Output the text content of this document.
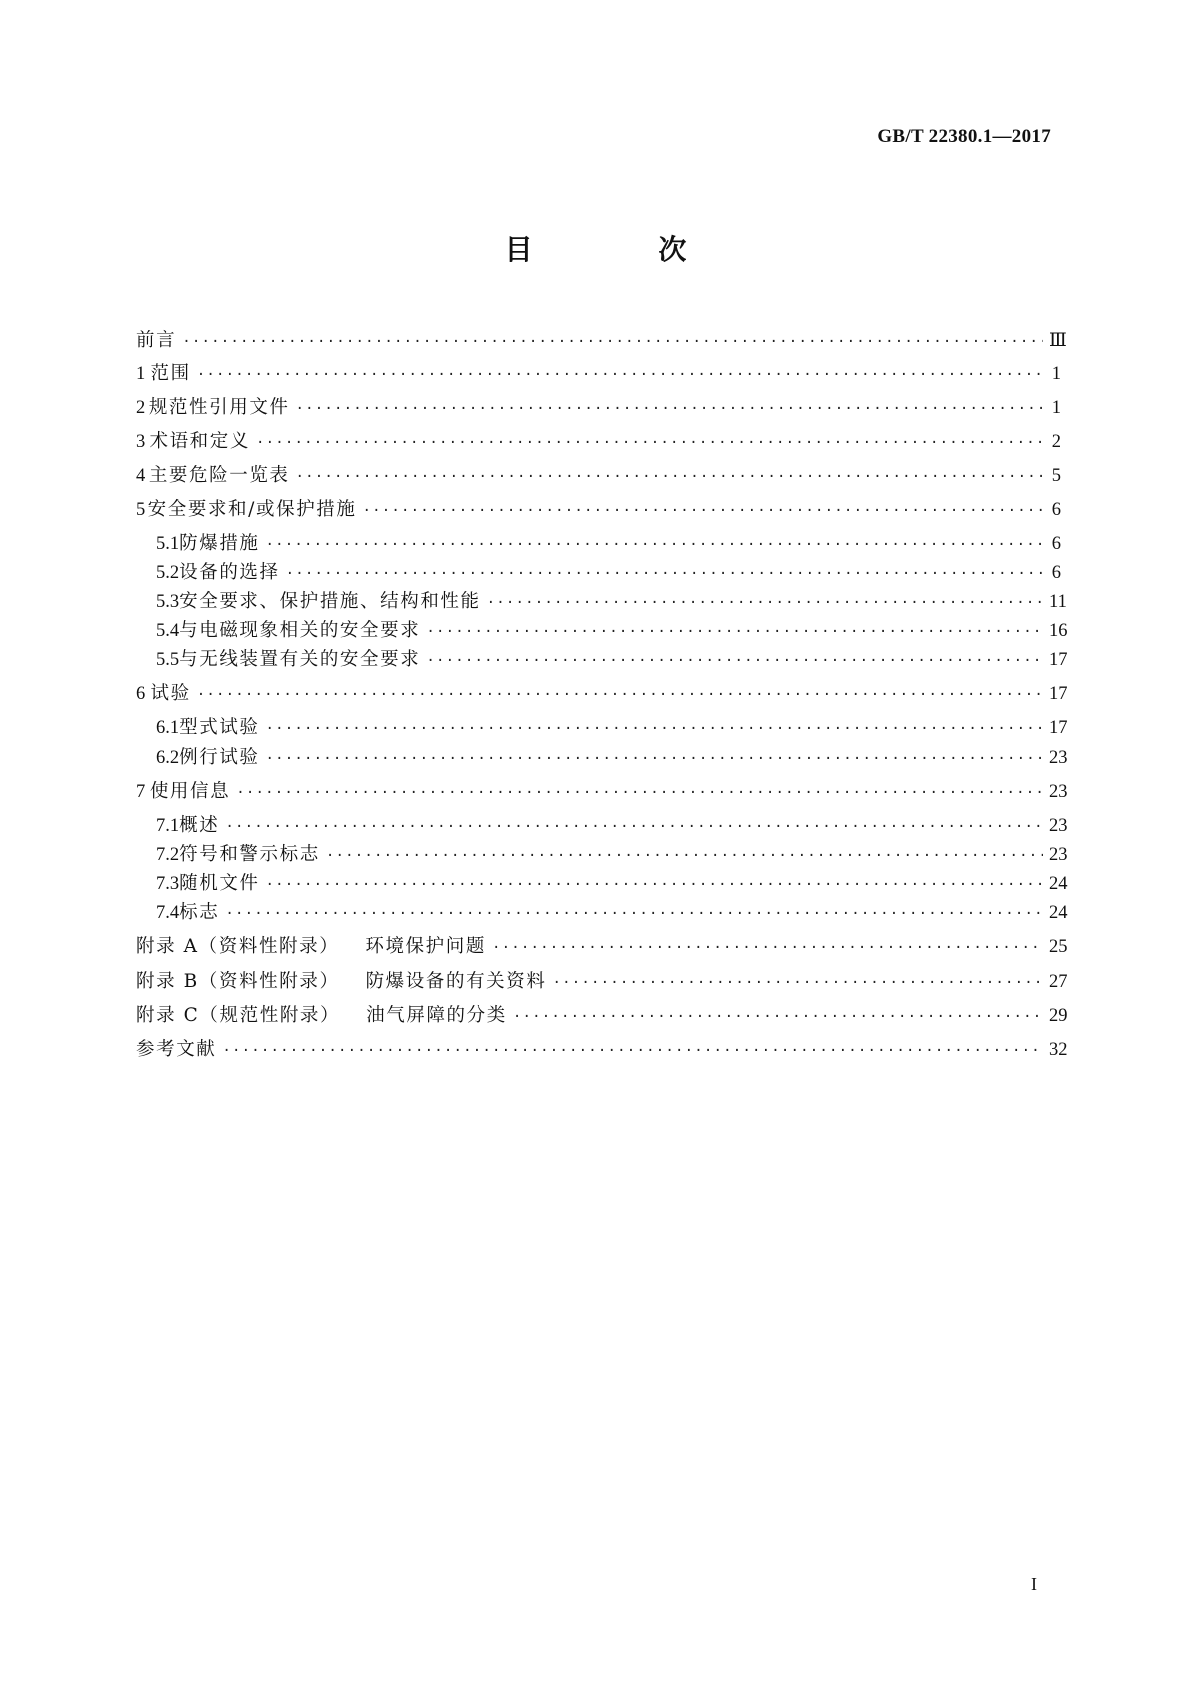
GB/T 22380.1—2017
目 次
前言 ·····	Ⅲ
1 范围 ·····	1
2 规范性引用文件 ·····	1
3 术语和定义 ·····	2
4 主要危险一览表 ·····	5
5 安全要求和/或保护措施 ·····	6
5.1 防爆措施 ·····	6
5.2 设备的选择 ·····	6
5.3 安全要求、保护措施、结构和性能 ·····	11
5.4 与电磁现象相关的安全要求 ·····	16
5.5 与无线装置有关的安全要求 ·····	17
6 试验 ·····	17
6.1 型式试验 ·····	17
6.2 例行试验 ·····	23
7 使用信息 ·····	23
7.1 概述 ·····	23
7.2 符号和警示标志 ·····	23
7.3 随机文件 ·····	24
7.4 标志 ·····	24
附录 A（资料性附录） 环境保护问题 ·····	25
附录 B（资料性附录） 防爆设备的有关资料 ·····	27
附录 C（规范性附录） 油气屏障的分类 ·····	29
参考文献 ·····	32
I
